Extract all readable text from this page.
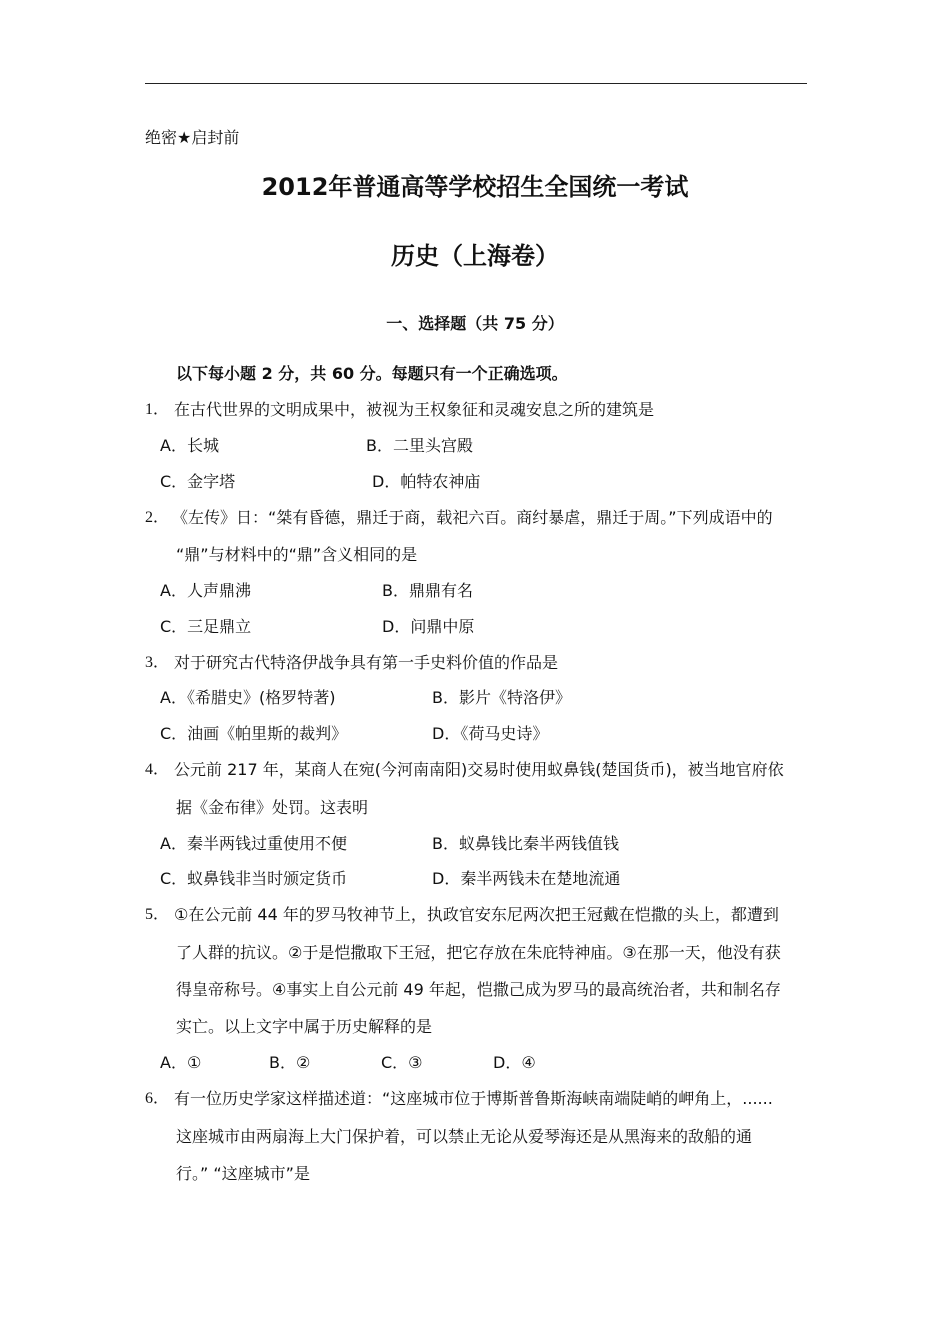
绝密★启封前
2012年普通高等学校招生全国统一考试
历史（上海卷）
一、选择题（共 75 分）
以下每小题 2 分，共 60 分。每题只有一个正确选项。
1． 在古代世界的文明成果中，被视为王权象征和灵魂安息之所的建筑是
A．长城	B．二里头宫殿
C．金字塔	D．帕特农神庙
2． 《左传》日：“桀有昏德，鼎迁于商，载祀六百。商纣暴虐，鼎迁于周。”下列成语中的
“鼎”与材料中的“鼎”含义相同的是
A．人声鼎沸	B．鼎鼎有名
C．三足鼎立	D．问鼎中原
3． 对于研究古代特洛伊战争具有第一手史料价值的作品是
A．《希腊史》(格罗特著)	B．影片《特洛伊》
C．油画《帕里斯的裁判》	D．《荷马史诗》
4． 公元前 217 年，某商人在宛(今河南南阳)交易时使用蚁鼻钱(楚国货币)，被当地官府依
据《金布律》处罚。这表明
A．秦半两钱过重使用不便	B．蚁鼻钱比秦半两钱值钱
C．蚁鼻钱非当时颁定货币	D．秦半两钱未在楚地流通
5． ①在公元前 44 年的罗马牧神节上，执政官安东尼两次把王冠戴在恺撒的头上，都遭到
了人群的抗议。②于是恺撒取下王冠，把它存放在朱庇特神庙。③在那一天，他没有获
得皇帝称号。④事实上自公元前 49 年起，恺撒己成为罗马的最高统治者，共和制名存
实亡。以上文字中属于历史解释的是
A．①	B．②	C．③	D．④
6． 有一位历史学家这样描述道：“这座城市位于博斯普鲁斯海峡南端陡峭的岬角上，......
这座城市由两扇海上大门保护着，可以禁止无论从爱琴海还是从黑海来的敌船的通
行。” “这座城市”是
